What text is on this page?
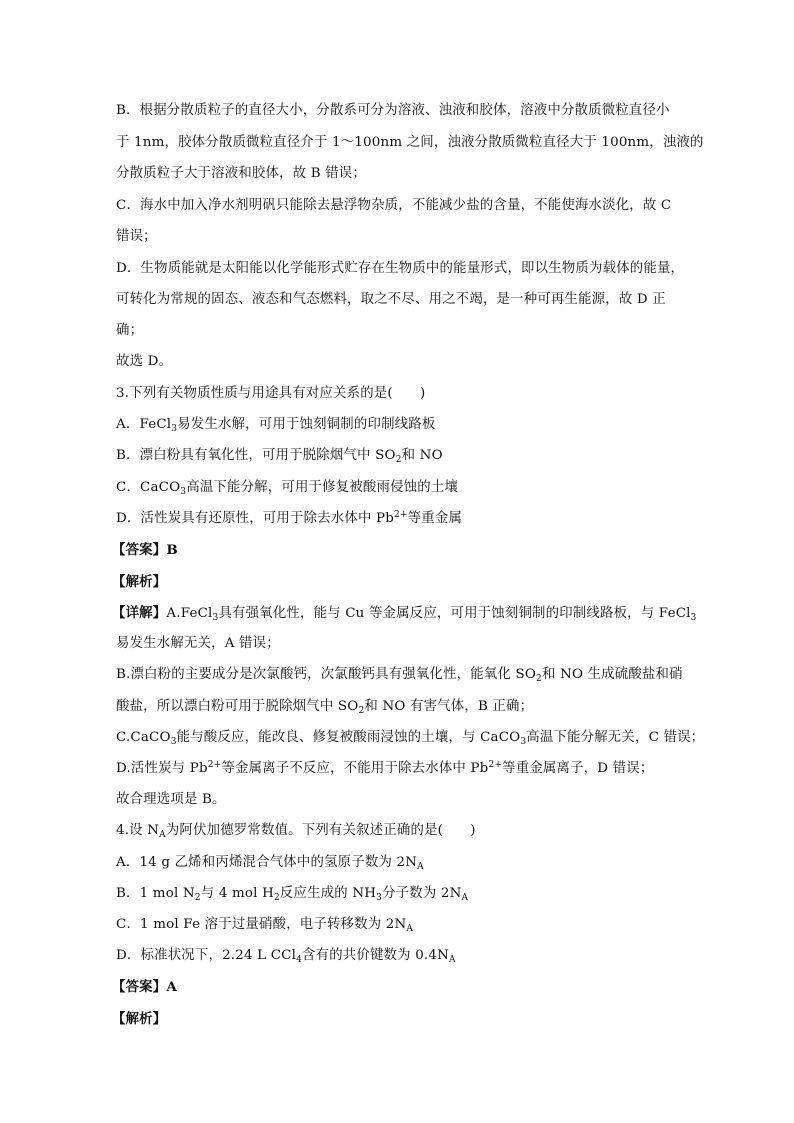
B．根据分散质粒子的直径大小，分散系可分为溶液、浊液和胶体，溶液中分散质微粒直径小
于 1nm，胶体分散质微粒直径介于 1～100nm 之间，浊液分散质微粒直径大于 100nm，浊液的
分散质粒子大于溶液和胶体，故 B 错误；
C．海水中加入净水剂明矾只能除去悬浮物杂质，不能减少盐的含量，不能使海水淡化，故 C
错误；
D．生物质能就是太阳能以化学能形式贮存在生物质中的能量形式，即以生物质为载体的能量，
可转化为常规的固态、液态和气态燃料，取之不尽、用之不竭，是一种可再生能源，故 D 正
确；
故选 D。
3.下列有关物质性质与用途具有对应关系的是(　　)
A．FeCl$_3$易发生水解，可用于蚀刻铜制的印制线路板
B．漂白粉具有氧化性，可用于脱除烟气中 $SO_2$和 NO
C．CaCO$_3$高温下能分解，可用于修复被酸雨侵蚀的土壤
D．活性炭具有还原性，可用于除去水体中 $Pb^{2+}$等重金属
【答案】B
【解析】
【详解】A.FeCl$_3$具有强氧化性，能与 Cu 等金属反应，可用于蚀刻铜制的印制线路板，与 FeCl$_3$
易发生水解无关，A 错误；
B.漂白粉的主要成分是次氯酸钙，次氯酸钙具有强氧化性，能氧化 $SO_2$和 NO 生成硫酸盐和硝
酸盐，所以漂白粉可用于脱除烟气中 $SO_2$和 NO 有害气体，B 正确；
C.CaCO$_3$能与酸反应，能改良、修复被酸雨浸蚀的土壤，与 CaCO$_3$高温下能分解无关，C 错误；
D.活性炭与 $Pb^{2+}$等金属离子不反应，不能用于除去水体中 $Pb^{2+}$等重金属离子，D 错误；
故合理选项是 B。
4.设 $N_A$为阿伏加德罗常数值。下列有关叙述正确的是(　　)
A．14 g 乙烯和丙烯混合气体中的氢原子数为 $2N_A$
B．1 mol $N_2$与 4 mol $H_2$反应生成的 $NH_3$分子数为 $2N_A$
C．1 mol Fe 溶于过量硝酸，电子转移数为 $2N_A$
D．标准状况下，2.24 L CCl$_4$含有的共价键数为 $0.4N_A$
【答案】A
【解析】
